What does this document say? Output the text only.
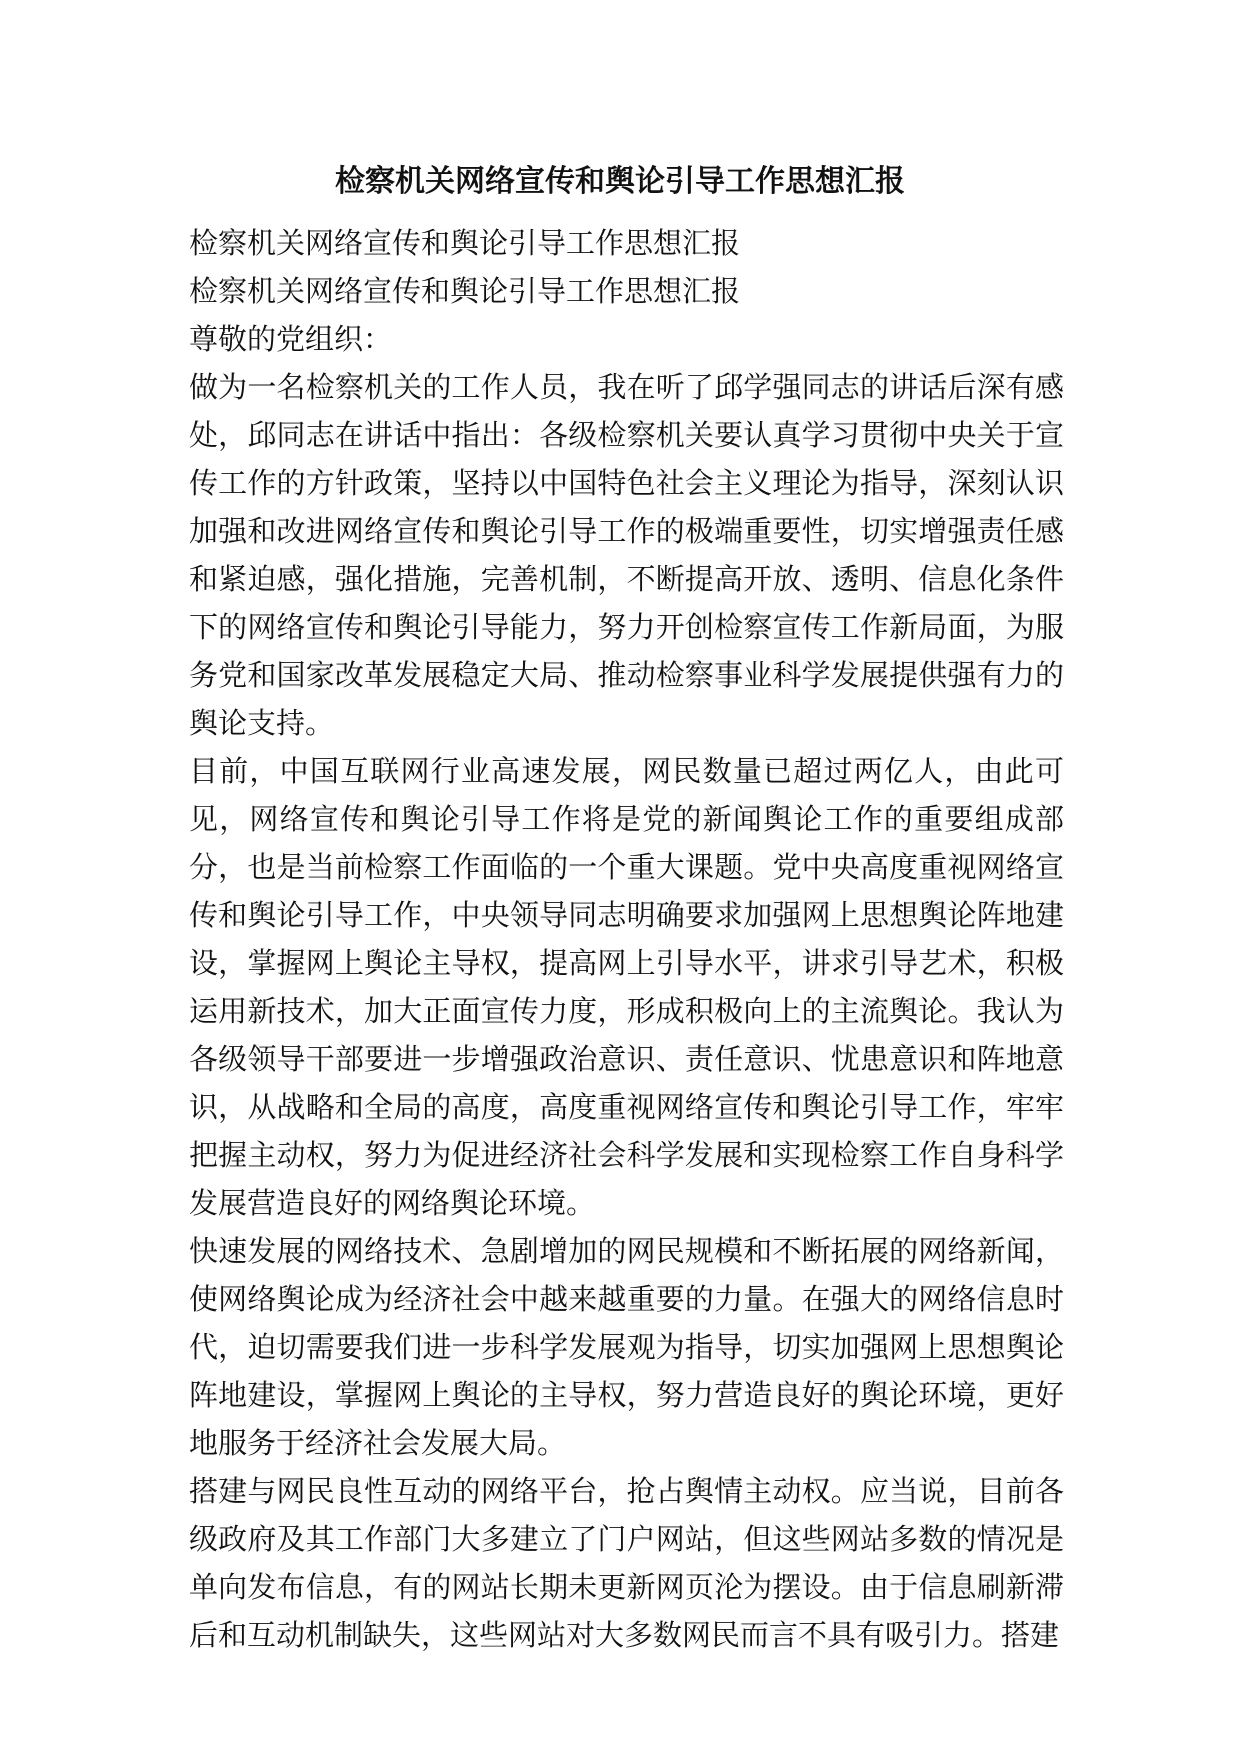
检察机关网络宣传和舆论引导工作思想汇报

检察机关网络宣传和舆论引导工作思想汇报

检察机关网络宣传和舆论引导工作思想汇报

尊敬的党组织：

做为一名检察机关的工作人员，我在听了邱学强同志的讲话后深有感处，邱同志在讲话中指出：各级检察机关要认真学习贯彻中央关于宣传工作的方针政策，坚持以中国特色社会主义理论为指导，深刻认识加强和改进网络宣传和舆论引导工作的极端重要性，切实增强责任感和紧迫感，强化措施，完善机制，不断提高开放、透明、信息化条件下的网络宣传和舆论引导能力，努力开创检察宣传工作新局面，为服务党和国家改革发展稳定大局、推动检察事业科学发展提供强有力的舆论支持。

目前，中国互联网行业高速发展，网民数量已超过两亿人，由此可见，网络宣传和舆论引导工作将是党的新闻舆论工作的重要组成部分，也是当前检察工作面临的一个重大课题。党中央高度重视网络宣传和舆论引导工作，中央领导同志明确要求加强网上思想舆论阵地建设，掌握网上舆论主导权，提高网上引导水平，讲求引导艺术，积极运用新技术，加大正面宣传力度，形成积极向上的主流舆论。我认为各级领导干部要进一步增强政治意识、责任意识、忧患意识和阵地意识，从战略和全局的高度，高度重视网络宣传和舆论引导工作，牢牢把握主动权，努力为促进经济社会科学发展和实现检察工作自身科学发展营造良好的网络舆论环境。

快速发展的网络技术、急剧增加的网民规模和不断拓展的网络新闻，使网络舆论成为经济社会中越来越重要的力量。在强大的网络信息时代，迫切需要我们进一步科学发展观为指导，切实加强网上思想舆论阵地建设，掌握网上舆论的主导权，努力营造良好的舆论环境，更好地服务于经济社会发展大局。

搭建与网民良性互动的网络平台，抢占舆情主动权。应当说，目前各级政府及其工作部门大多建立了门户网站，但这些网站多数的情况是单向发布信息，有的网站长期未更新网页沦为摆设。由于信息刷新滞后和互动机制缺失，这些网站对大多数网民而言不具有吸引力。搭建
